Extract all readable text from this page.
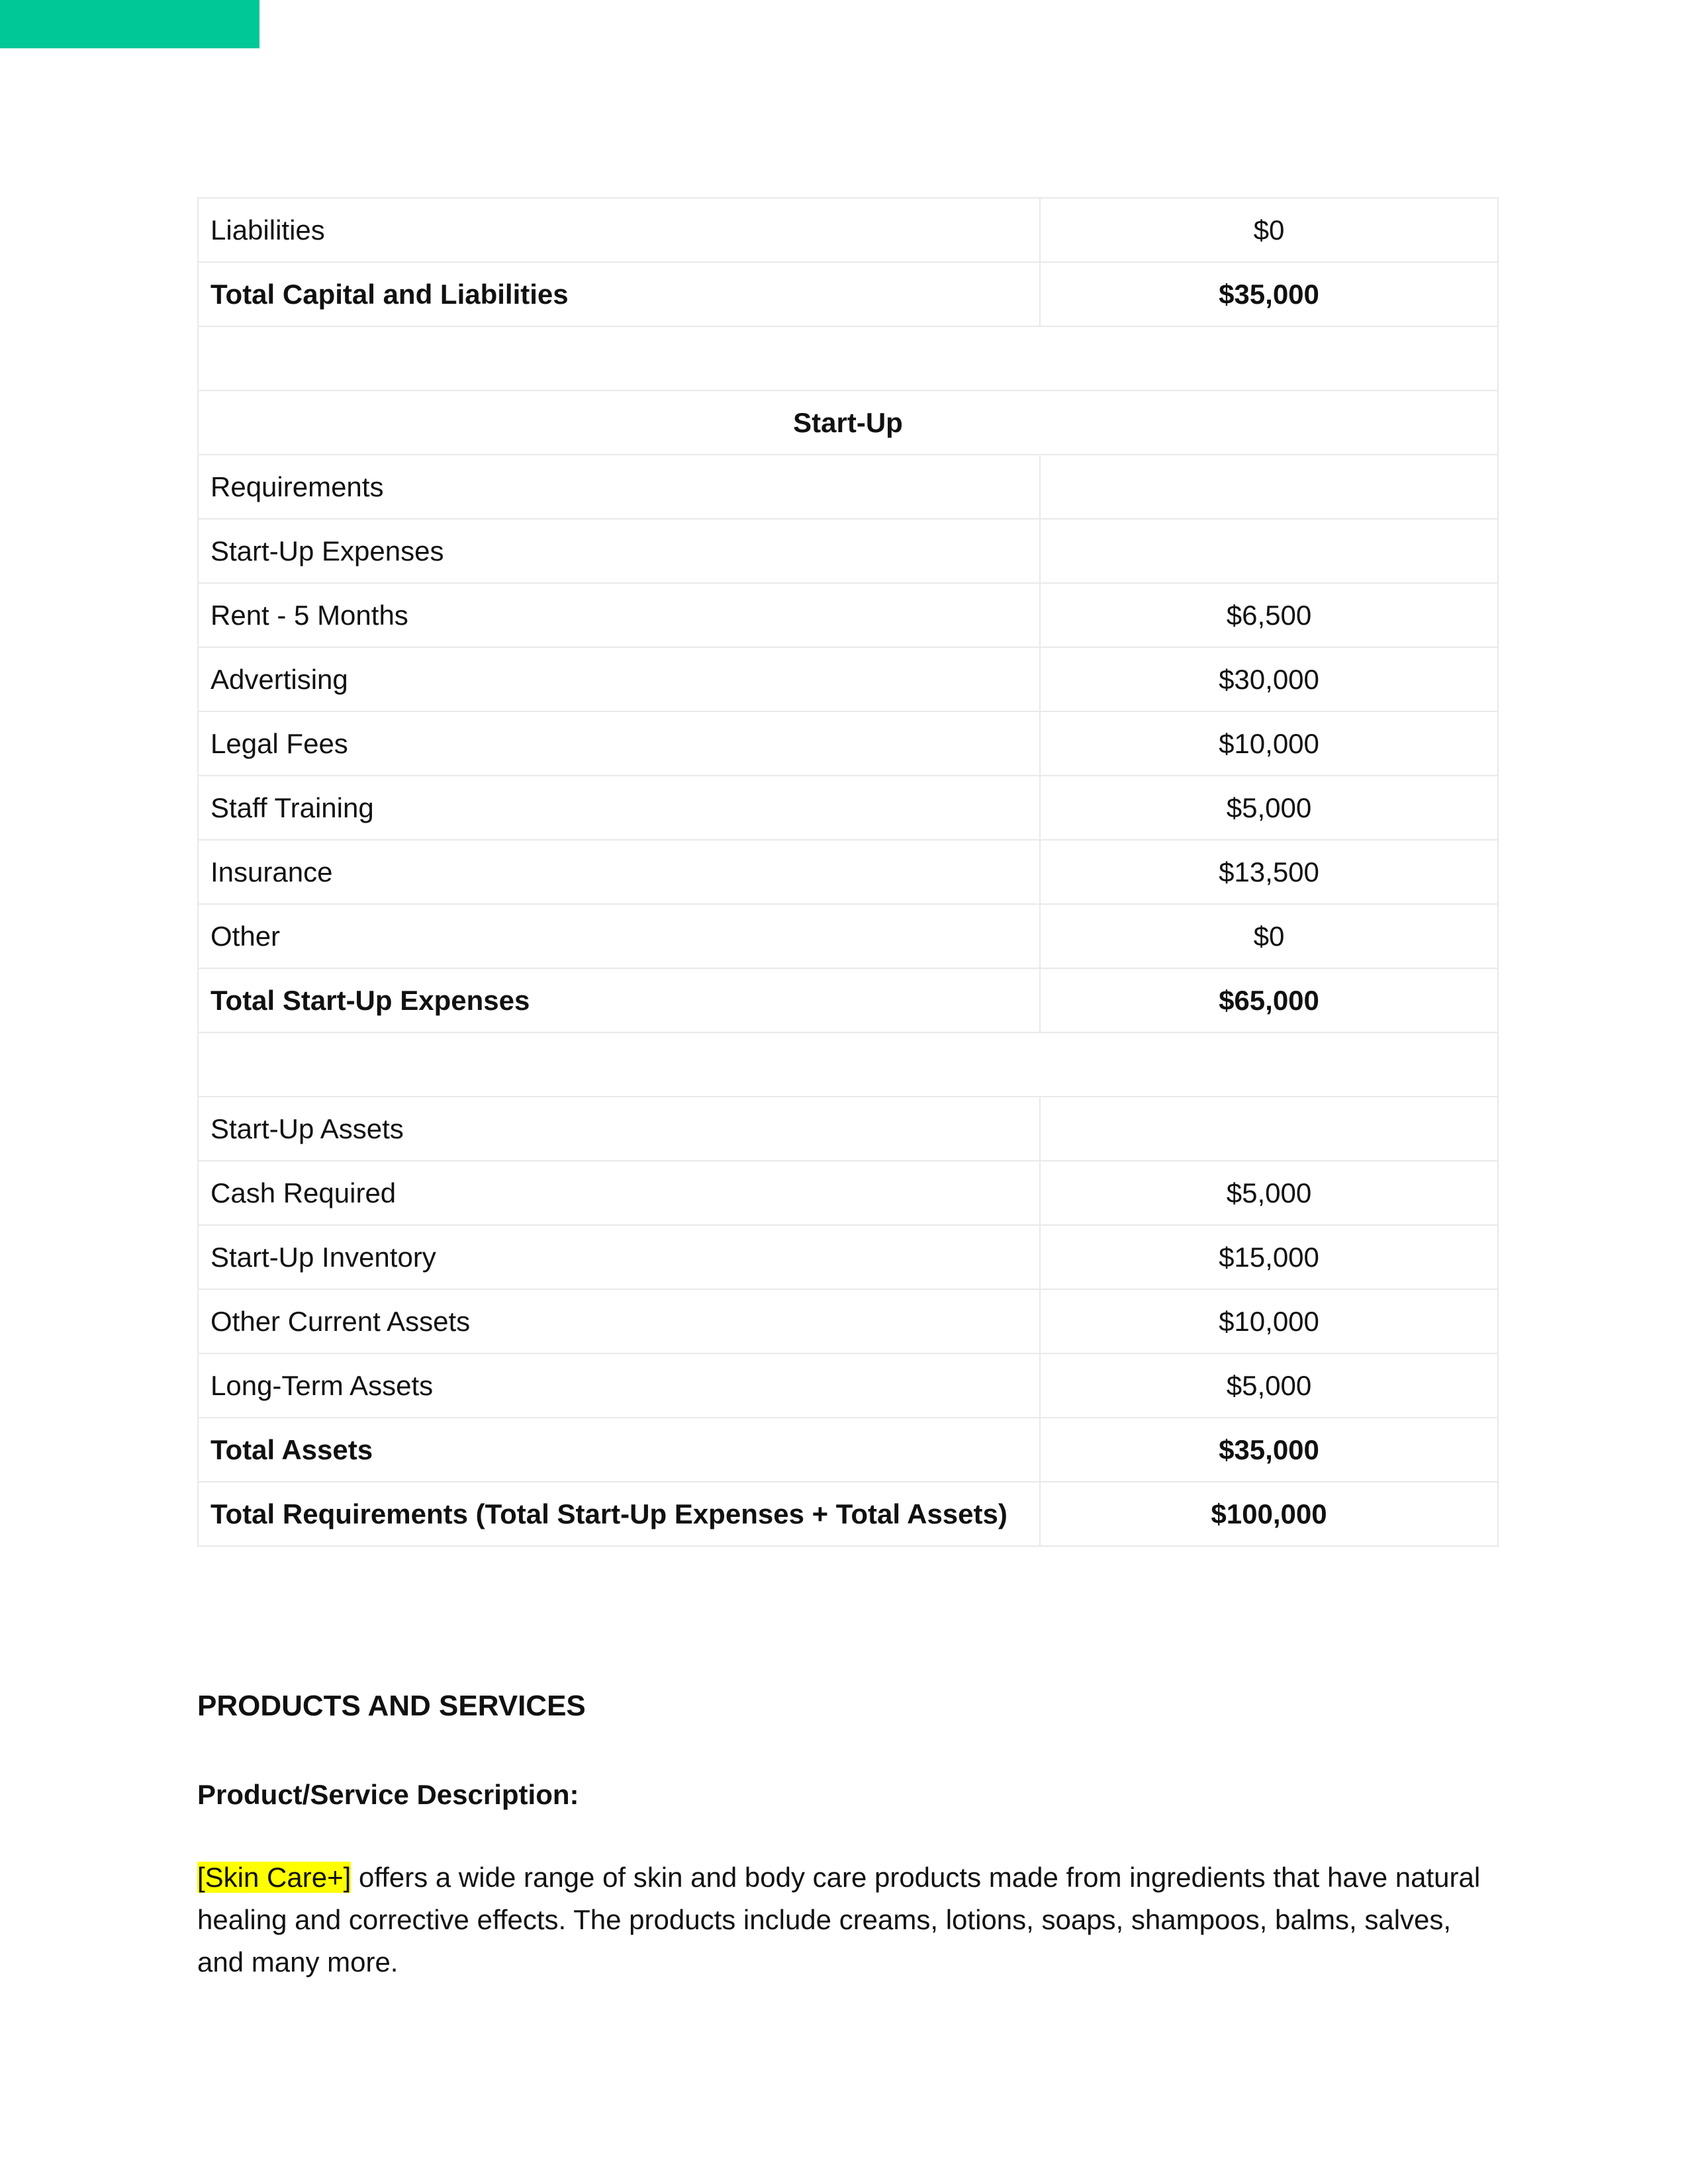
Liabilities	$0
Total Capital and Liabilities	$35,000

Start-Up	
Requirements	
Start-Up Expenses	
Rent - 5 Months	$6,500
Advertising	$30,000
Legal Fees	$10,000
Staff Training	$5,000
Insurance	$13,500
Other	$0
Total Start-Up Expenses	$65,000

Start-Up Assets	
Cash Required	$5,000
Start-Up Inventory	$15,000
Other Current Assets	$10,000
Long-Term Assets	$5,000
Total Assets	$35,000
Total Requirements (Total Start-Up Expenses + Total Assets)	$100,000
PRODUCTS AND SERVICES
Product/Service Description:

[Skin Care+] offers a wide range of skin and body care products made from ingredients that have natural healing and corrective effects. The products include creams, lotions, soaps, shampoos, balms, salves, and many more.
